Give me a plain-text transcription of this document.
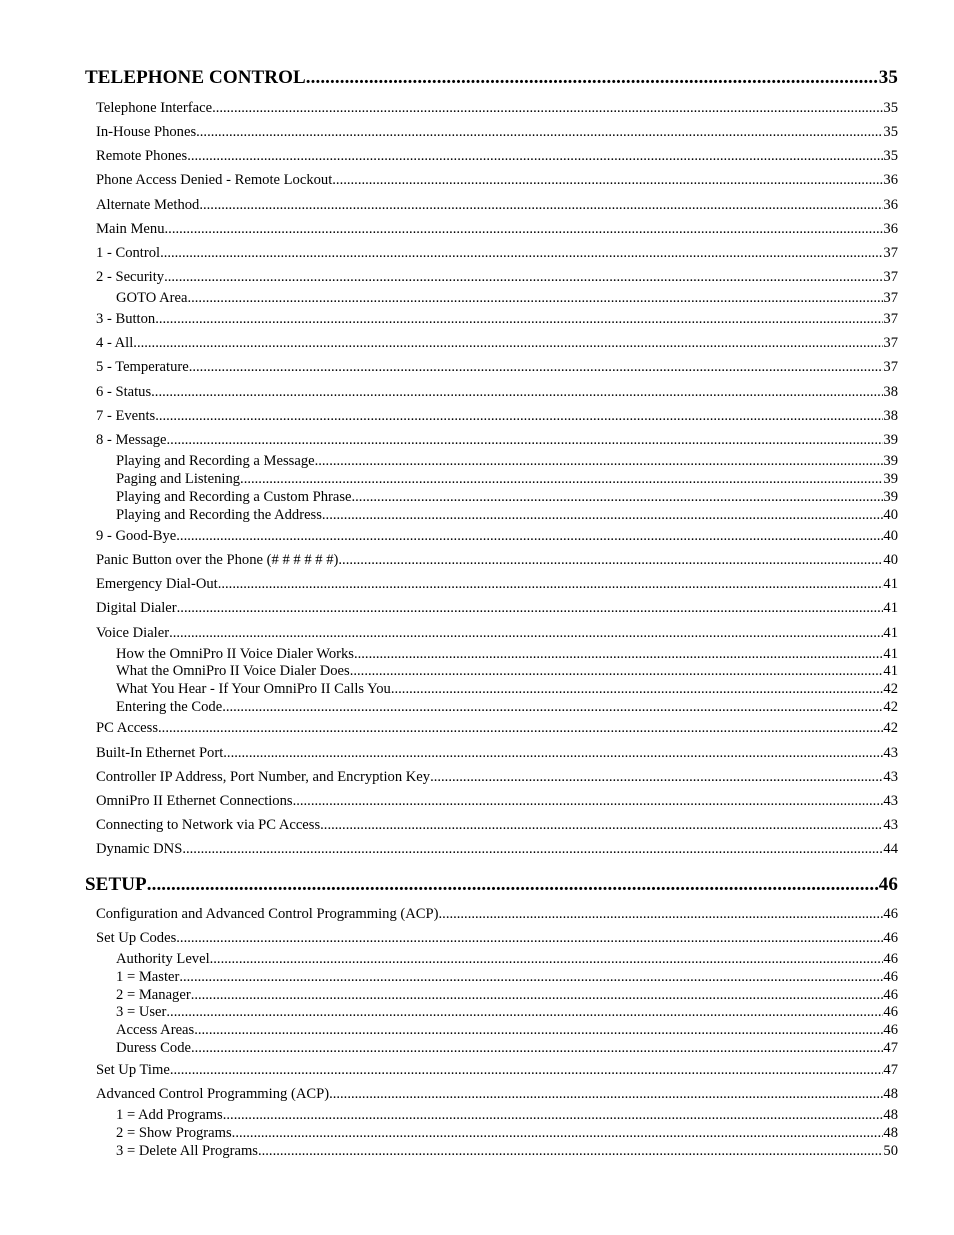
TELEPHONE CONTROL .....	35
Telephone Interface .....	35
In-House Phones .....	35
Remote Phones .....	35
Phone Access Denied - Remote Lockout .....	36
Alternate Method .....	36
Main Menu .....	36
1 - Control .....	37
2 - Security .....	37
GOTO Area .....	37
3 - Button .....	37
4 - All .....	37
5 - Temperature .....	37
6 - Status .....	38
7 - Events .....	38
8 - Message .....	39
Playing and Recording a Message .....	39
Paging and Listening .....	39
Playing and Recording a Custom Phrase .....	39
Playing and Recording the Address .....	40
9 - Good-Bye .....	40
Panic Button over the Phone (# # # # # #) .....	40
Emergency Dial-Out .....	41
Digital Dialer .....	41
Voice Dialer .....	41
How the OmniPro II Voice Dialer Works .....	41
What the OmniPro II Voice Dialer Does .....	41
What You Hear - If Your OmniPro II Calls You .....	42
Entering the Code .....	42
PC Access .....	42
Built-In Ethernet Port .....	43
Controller IP Address, Port Number, and Encryption Key .....	43
OmniPro II Ethernet Connections .....	43
Connecting to Network via PC Access .....	43
Dynamic DNS .....	44
SETUP .....	46
Configuration and Advanced Control Programming (ACP) .....	46
Set Up Codes .....	46
Authority Level .....	46
1 = Master .....	46
2 = Manager .....	46
3 = User .....	46
Access Areas .....	46
Duress Code .....	47
Set Up Time .....	47
Advanced Control Programming (ACP) .....	48
1 = Add Programs .....	48
2 = Show Programs .....	48
3 = Delete All Programs .....	50
